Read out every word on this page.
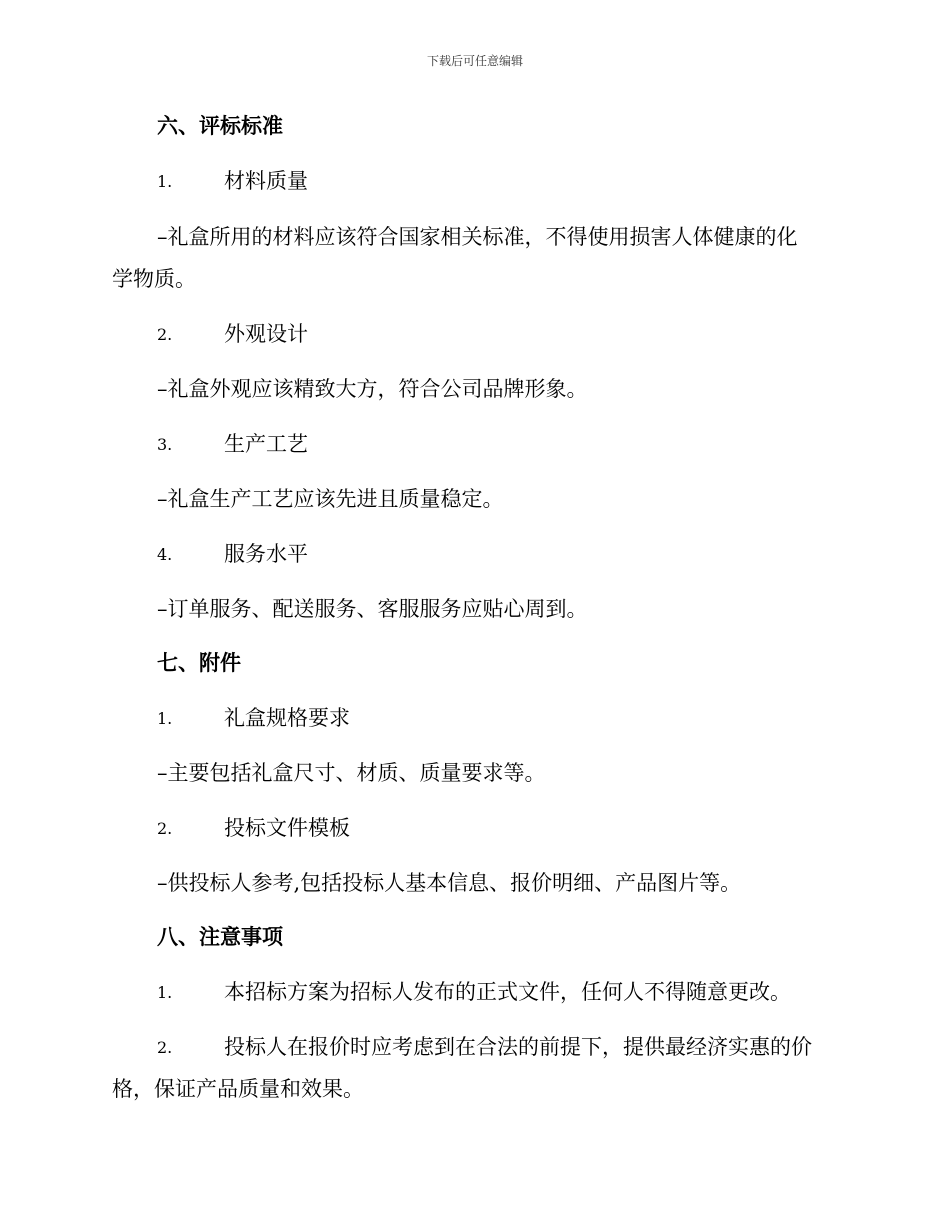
下载后可任意编辑
六、评标标准
1. 材料质量
–礼盒所用的材料应该符合国家相关标准，不得使用损害人体健康的化
学物质。
2. 外观设计
–礼盒外观应该精致大方，符合公司品牌形象。
3. 生产工艺
–礼盒生产工艺应该先进且质量稳定。
4. 服务水平
–订单服务、配送服务、客服服务应贴心周到。
七、附件
1. 礼盒规格要求
–主要包括礼盒尺寸、材质、质量要求等。
2. 投标文件模板
–供投标人参考,包括投标人基本信息、报价明细、产品图片等。
八、注意事项
1. 本招标方案为招标人发布的正式文件，任何人不得随意更改。
2. 投标人在报价时应考虑到在合法的前提下，提供最经济实惠的价
格，保证产品质量和效果。
